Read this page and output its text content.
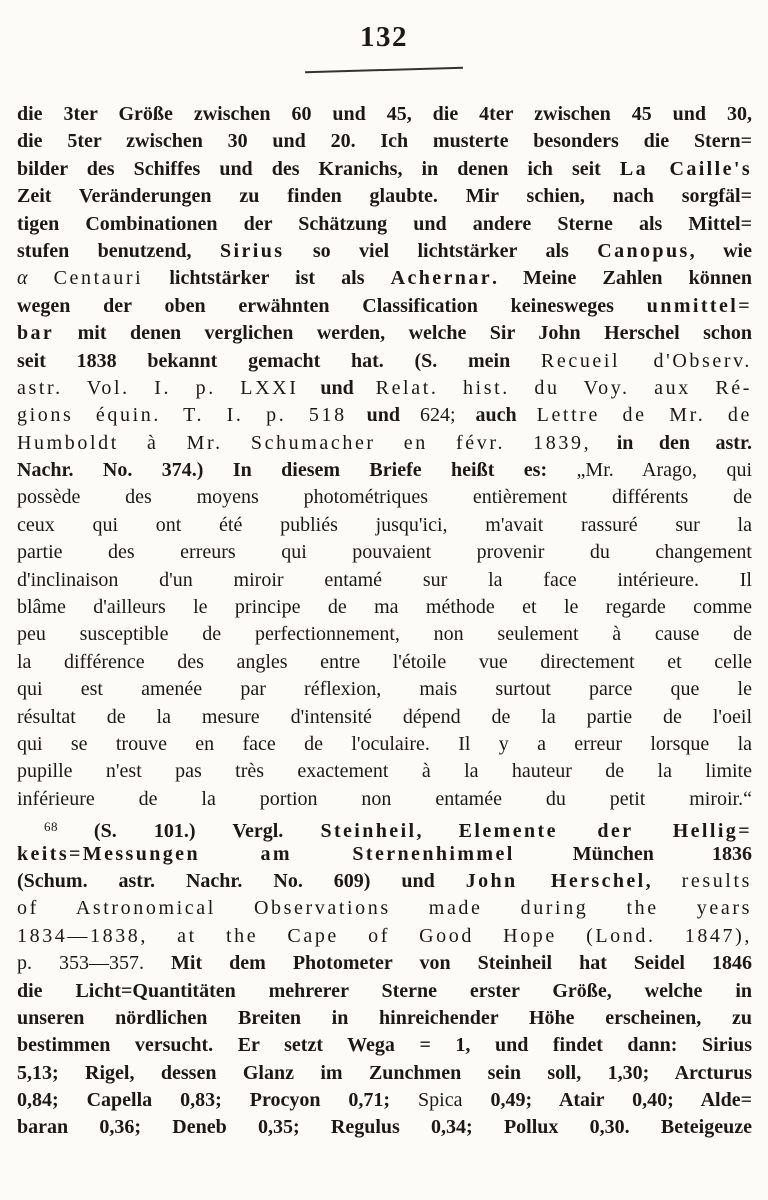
132
die 3ter Größe zwischen 60 und 45, die 4ter zwischen 45 und 30,
die 5ter zwischen 30 und 20. Ich musterte besonders die Stern=
bilder des Schiffes und des Kranichs, in denen ich seit La Caille's
Zeit Veränderungen zu finden glaubte. Mir schien, nach sorgfäl=
tigen Combinationen der Schätzung und andere Sterne als Mittel=
stufen benutzend, Sirius so viel lichtstärker als Canopus, wie
α Centauri lichtstärker ist als Achernar. Meine Zahlen können
wegen der oben erwähnten Classification keinesweges unmittel=
bar mit denen verglichen werden, welche Sir John Herschel schon
seit 1838 bekannt gemacht hat. (S. mein Recueil d'Observ.
astr. Vol. I. p. LXXI und Relat. hist. du Voy. aux Ré-
gions équin. T. I. p. 518 und 624; auch Lettre de Mr. de
Humboldt à Mr. Schumacher en févr. 1839, in den astr.
Nachr. No. 374.) In diesem Briefe heißt es: „Mr. Arago, qui
possède des moyens photométriques entièrement différents de
ceux qui ont été publiés jusqu'ici, m'avait rassuré sur la
partie des erreurs qui pouvaient provenir du changement
d'inclinaison d'un miroir entamé sur la face intérieure. Il
blâme d'ailleurs le principe de ma méthode et le regarde comme
peu susceptible de perfectionnement, non seulement à cause de
la différence des angles entre l'étoile vue directement et celle
qui est amenée par réflexion, mais surtout parce que le
résultat de la mesure d'intensité dépend de la partie de l'oeil
qui se trouve en face de l'oculaire. Il y a erreur lorsque la
pupille n'est pas très exactement à la hauteur de la limite
inférieure de la portion non entamée du petit miroir.“
$^{68}$ (S. 101.) Vergl. Steinheil, Elemente der Hellig=
keits=Messungen am Sternenhimmel München 1836
(Schum. astr. Nachr. No. 609) und John Herschel, results
of Astronomical Observations made during the years
1834—1838, at the Cape of Good Hope (Lond. 1847),
p. 353—357. Mit dem Photometer von Steinheil hat Seidel 1846
die Licht=Quantitäten mehrerer Sterne erster Größe, welche in
unseren nördlichen Breiten in hinreichender Höhe erscheinen, zu
bestimmen versucht. Er setzt Wega = 1, und findet dann: Sirius
5,13; Rigel, dessen Glanz im Zunchmen sein soll, 1,30; Arcturus
0,84; Capella 0,83; Procyon 0,71; Spica 0,49; Atair 0,40; Alde=
baran 0,36; Deneb 0,35; Regulus 0,34; Pollux 0,30. Beteigeuze
